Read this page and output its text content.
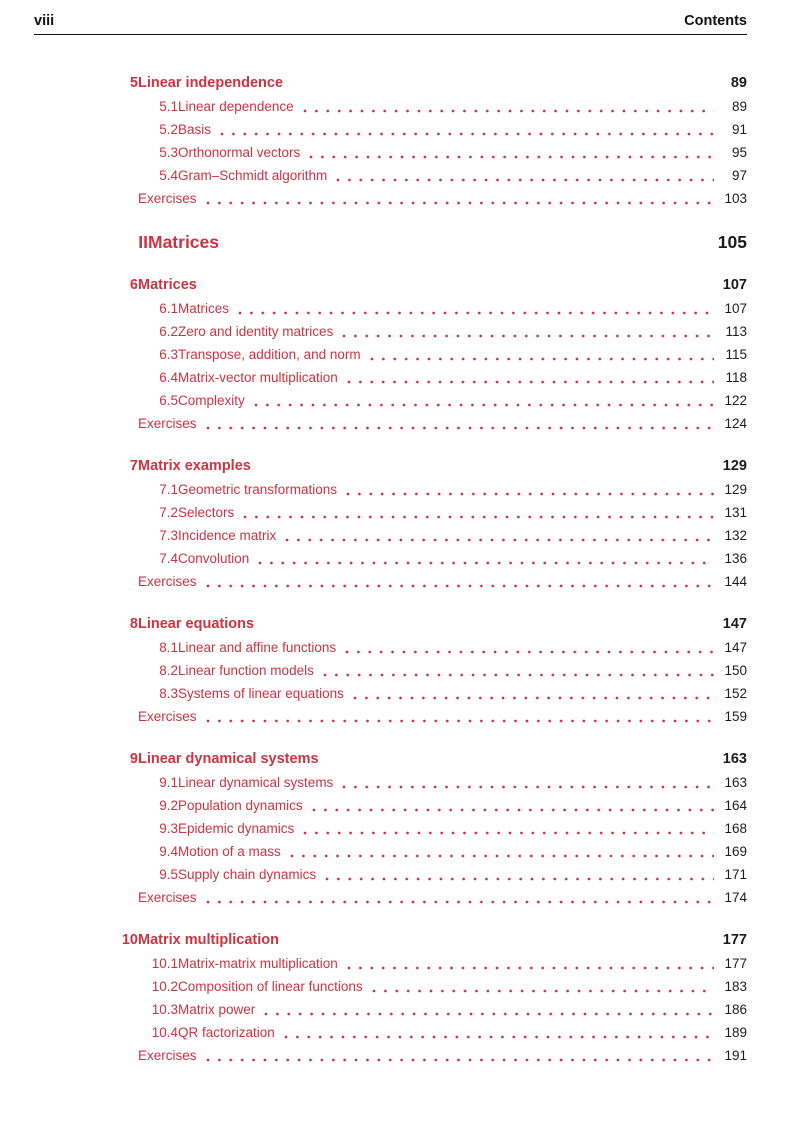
viii	Contents
5 Linear independence	89
5.1 Linear dependence	89
5.2 Basis	91
5.3 Orthonormal vectors	95
5.4 Gram–Schmidt algorithm	97
Exercises	103
II Matrices	105
6 Matrices	107
6.1 Matrices	107
6.2 Zero and identity matrices	113
6.3 Transpose, addition, and norm	115
6.4 Matrix-vector multiplication	118
6.5 Complexity	122
Exercises	124
7 Matrix examples	129
7.1 Geometric transformations	129
7.2 Selectors	131
7.3 Incidence matrix	132
7.4 Convolution	136
Exercises	144
8 Linear equations	147
8.1 Linear and affine functions	147
8.2 Linear function models	150
8.3 Systems of linear equations	152
Exercises	159
9 Linear dynamical systems	163
9.1 Linear dynamical systems	163
9.2 Population dynamics	164
9.3 Epidemic dynamics	168
9.4 Motion of a mass	169
9.5 Supply chain dynamics	171
Exercises	174
10 Matrix multiplication	177
10.1 Matrix-matrix multiplication	177
10.2 Composition of linear functions	183
10.3 Matrix power	186
10.4 QR factorization	189
Exercises	191
